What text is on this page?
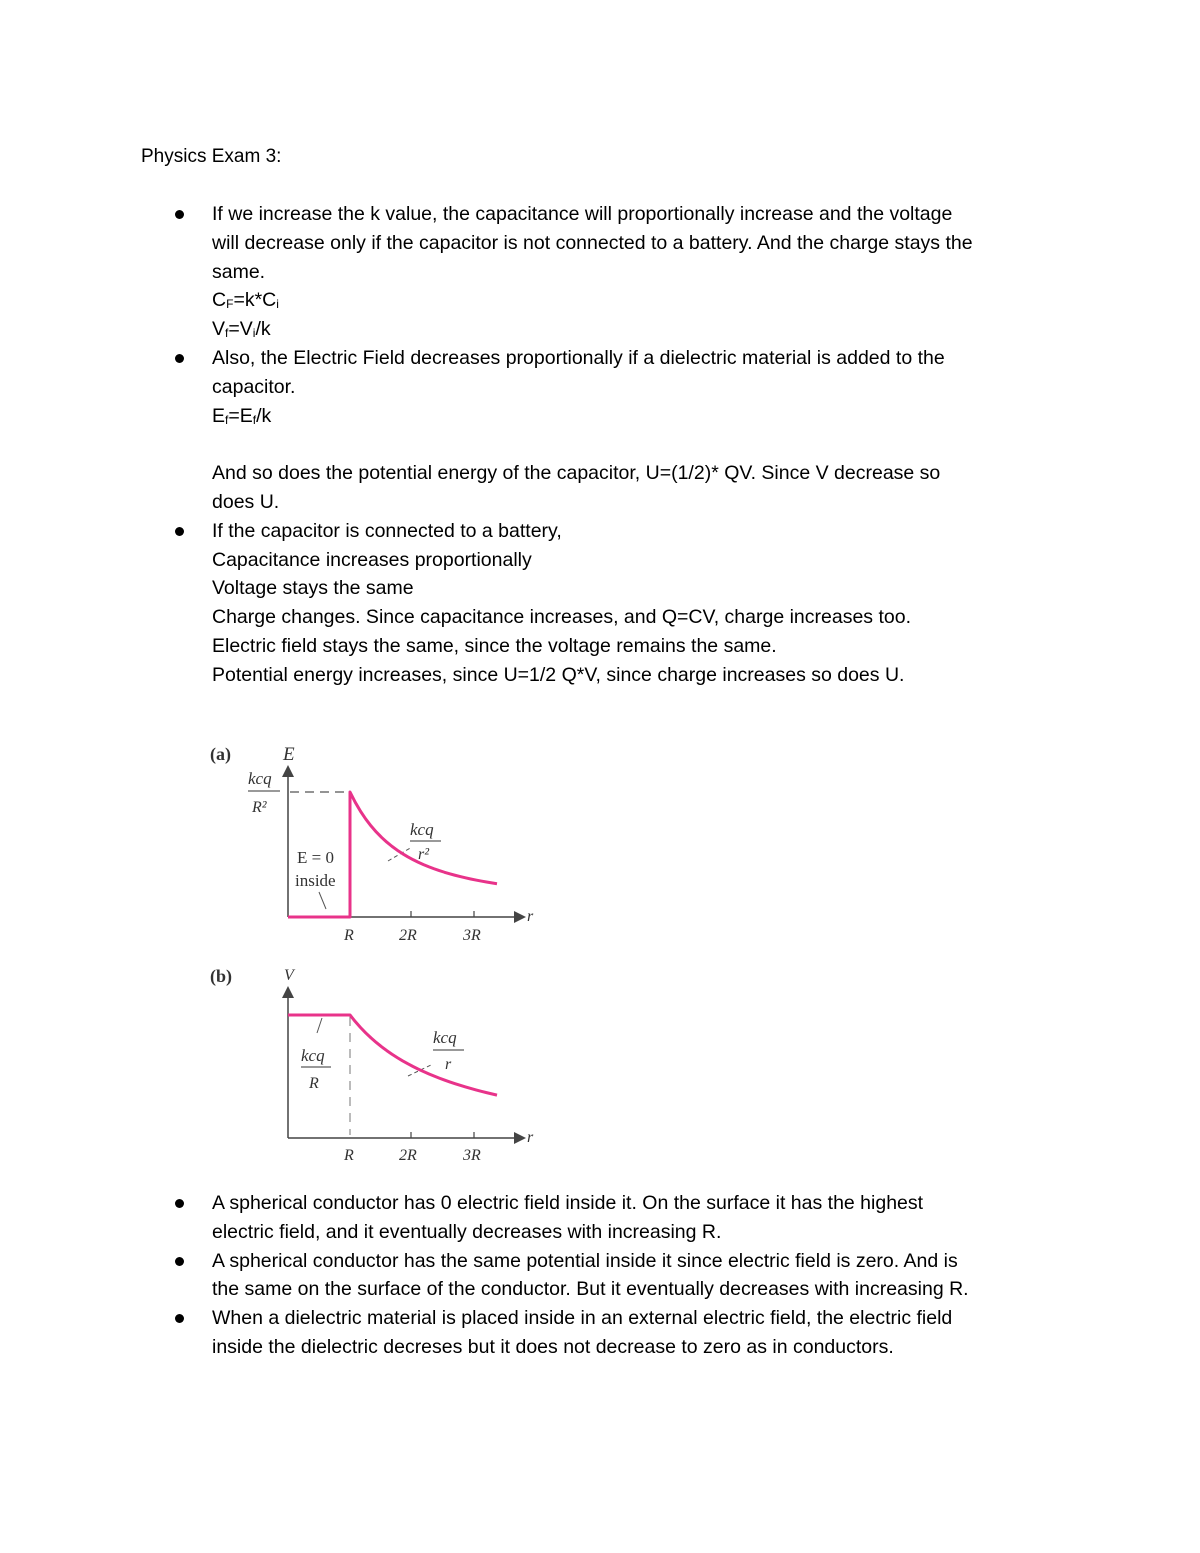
Physics Exam 3:
If we increase the k value, the capacitance will proportionally increase and the voltage
will decrease only if the capacitor is not connected to a battery. And the charge stays the
same.
$C_F=k*C_i$
$V_f=V_i/k$
Also, the Electric Field decreases proportionally if a dielectric material is added to the
capacitor.
$E_f=E_f/k$
And so does the potential energy of the capacitor, U=(1/2)* QV. Since V decrease so
does U.
If the capacitor is connected to a battery,
Capacitance increases proportionally
Voltage stays the same
Charge changes. Since capacitance increases, and Q=CV, charge increases too.
Electric field stays the same, since the voltage remains the same.
Potential energy increases, since U=1/2 Q*V, since charge increases so does U.
(a)	E
r
kcq
R²
R	2R	3R
E = 0
inside
kcq
r²
(b)	V
r
R	2R	3R
kcq
R
kcq
r
A spherical conductor has 0 electric field inside it. On the surface it has the highest
electric field, and it eventually decreases with increasing R.
A spherical conductor has the same potential inside it since electric field is zero. And is
the same on the surface of the conductor. But it eventually decreases with increasing R.
When a dielectric material is placed inside in an external electric field, the electric field
inside the dielectric decreses but it does not decrease to zero as in conductors.
